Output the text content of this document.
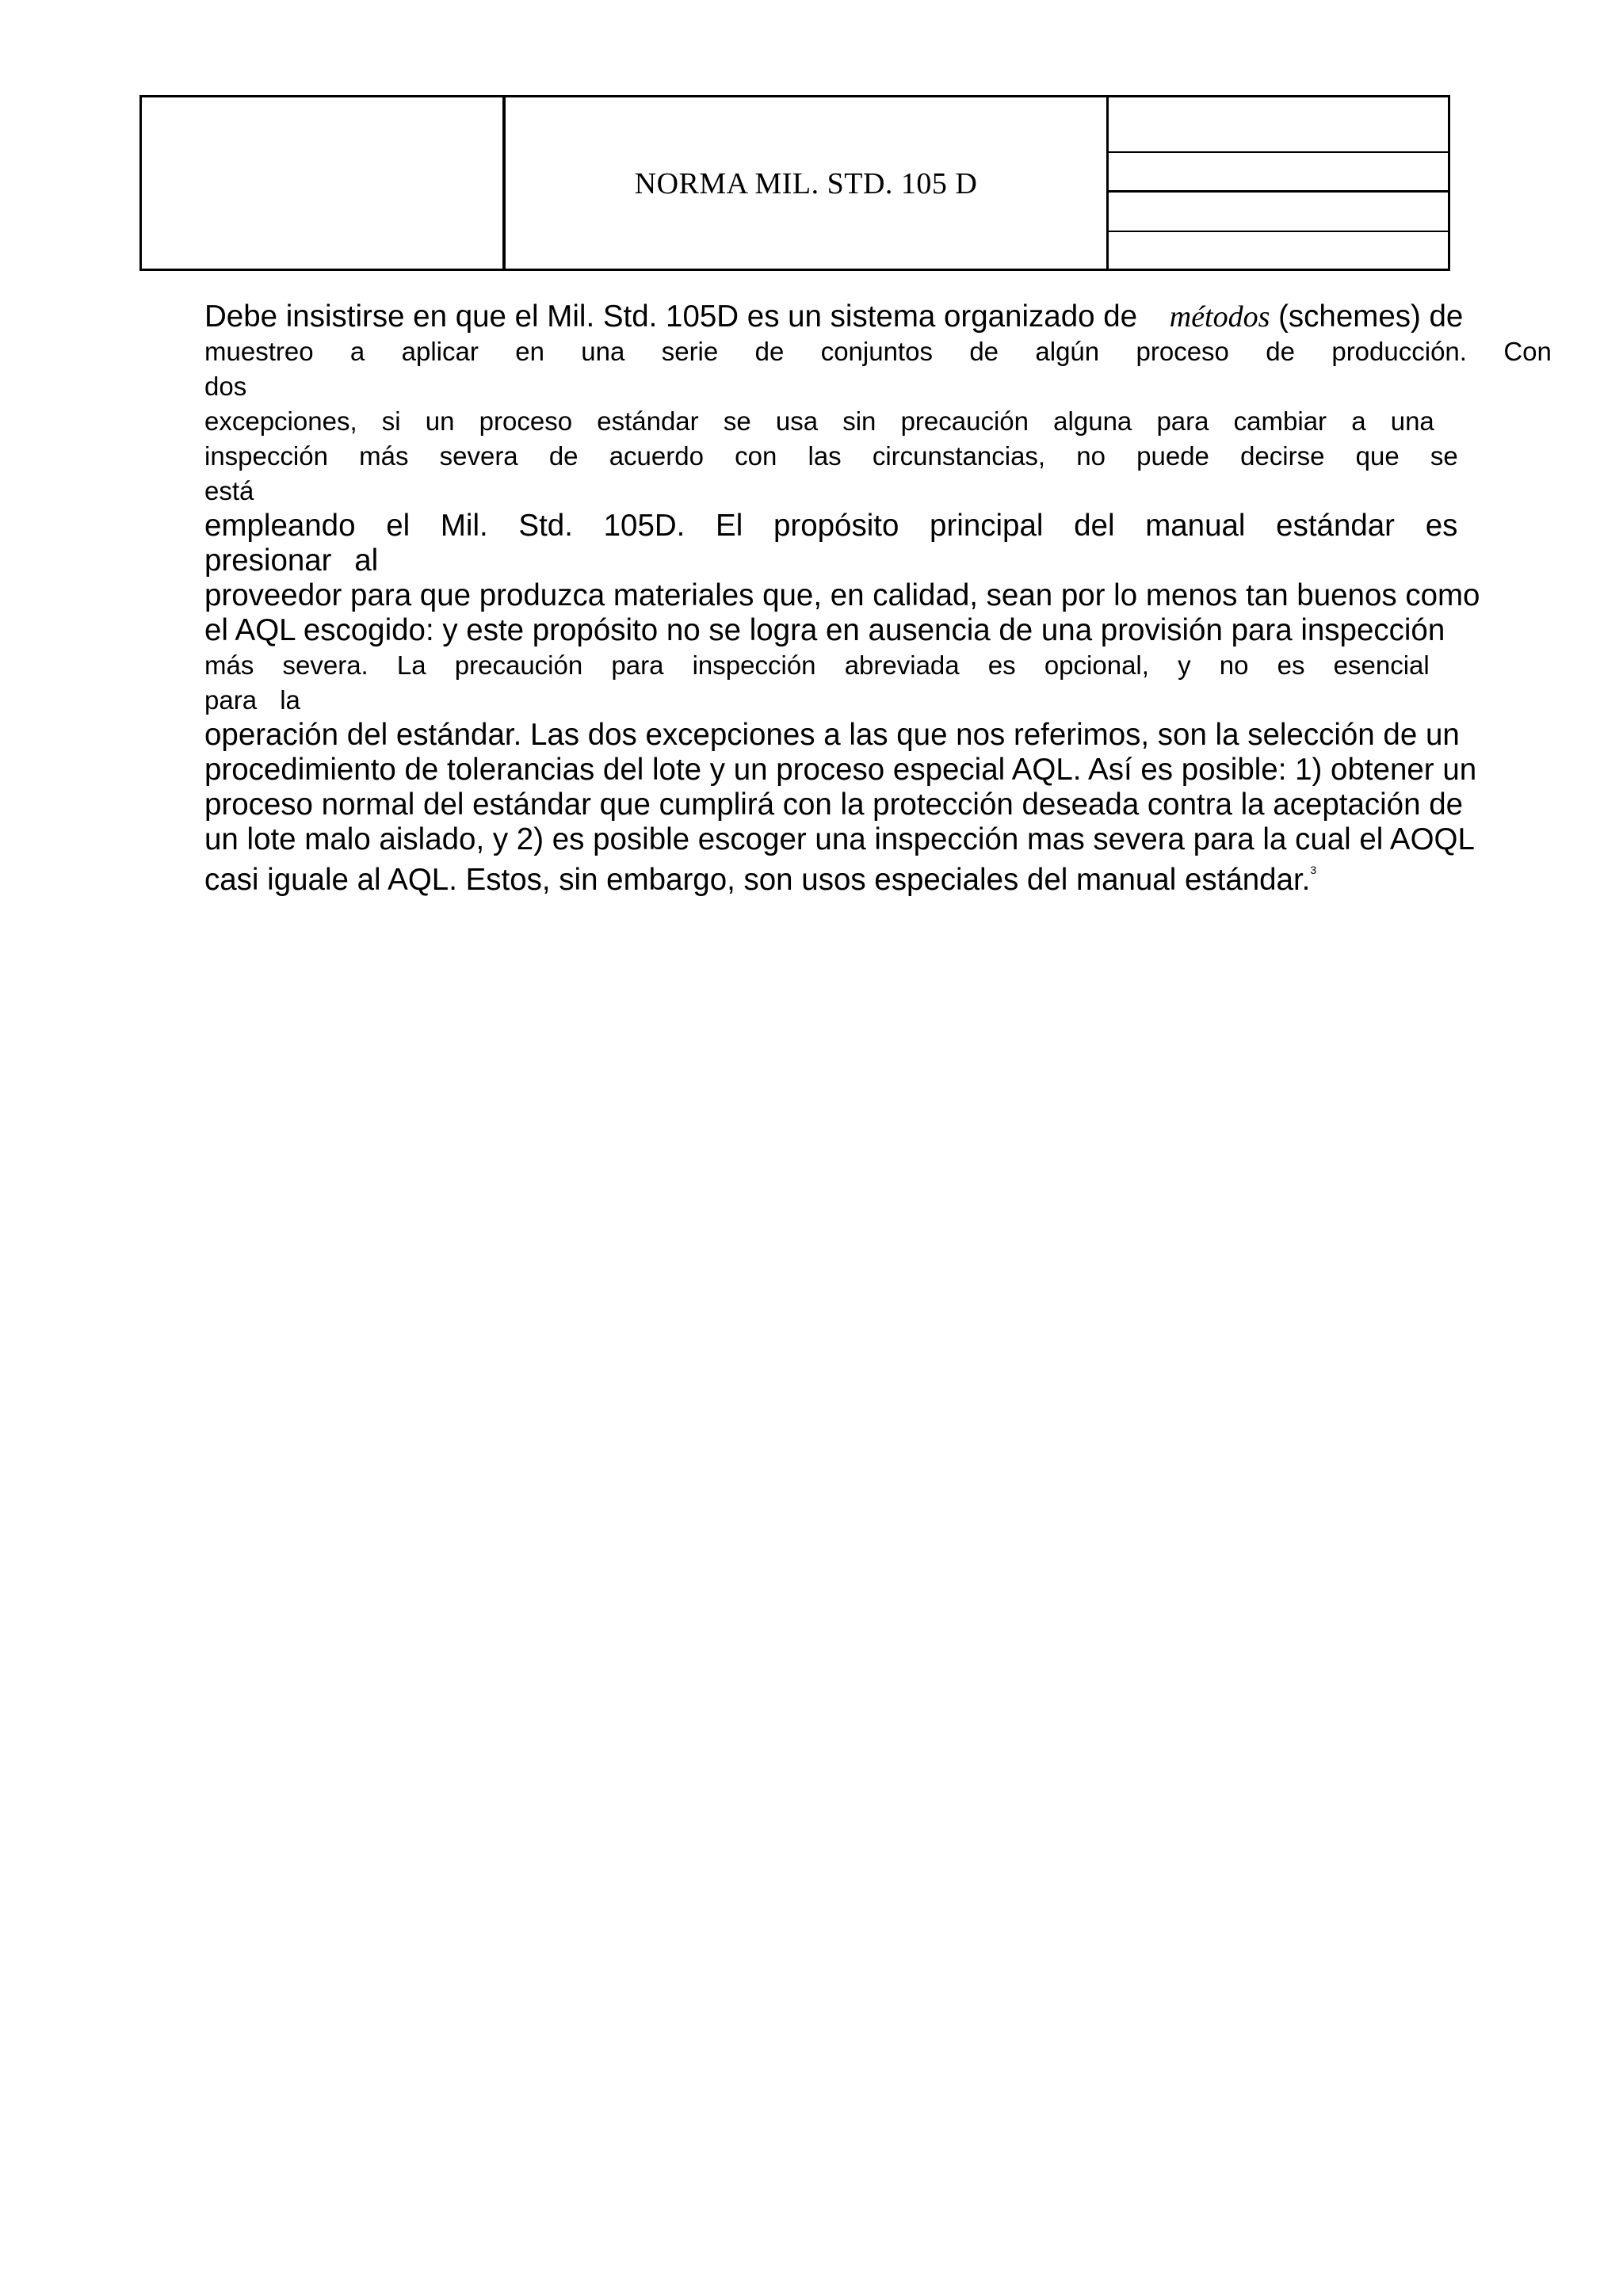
NORMA MIL. STD. 105 D
Debe insistirse en que el Mil. Std. 105D es un sistema organizado de métodos (schemes) de
muestreo a aplicar en una serie de conjuntos de algún proceso de producción. Con
dos
excepciones, si un proceso estándar se usa sin precaución alguna para cambiar a una
inspección más severa de acuerdo con las circunstancias, no puede decirse que se
está
empleando el Mil. Std. 105D. El propósito principal del manual estándar es
presionar al
proveedor para que produzca materiales que, en calidad, sean por lo menos tan buenos como
el AQL escogido: y este propósito no se logra en ausencia de una provisión para inspección
más severa. La precaución para inspección abreviada es opcional, y no es esencial
para la
operación del estándar. Las dos excepciones a las que nos referimos, son la selección de un
procedimiento de tolerancias del lote y un proceso especial AQL. Así es posible: 1) obtener un
proceso normal del estándar que cumplirá con la protección deseada contra la aceptación de
un lote malo aislado, y 2) es posible escoger una inspección mas severa para la cual el AOQL
casi iguale al AQL. Estos, sin embargo, son usos especiales del manual estándar.$^3$
